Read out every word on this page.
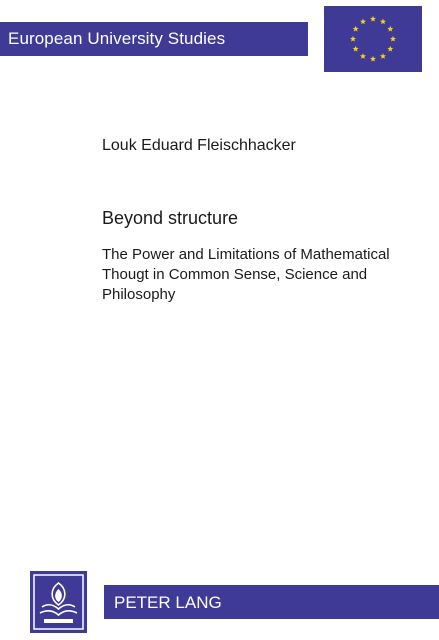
European University Studies
Louk Eduard Fleischhacker
Beyond structure
The Power and Limitations of Mathematical Thougt in Common Sense, Science and Philosophy
PETER LANG
